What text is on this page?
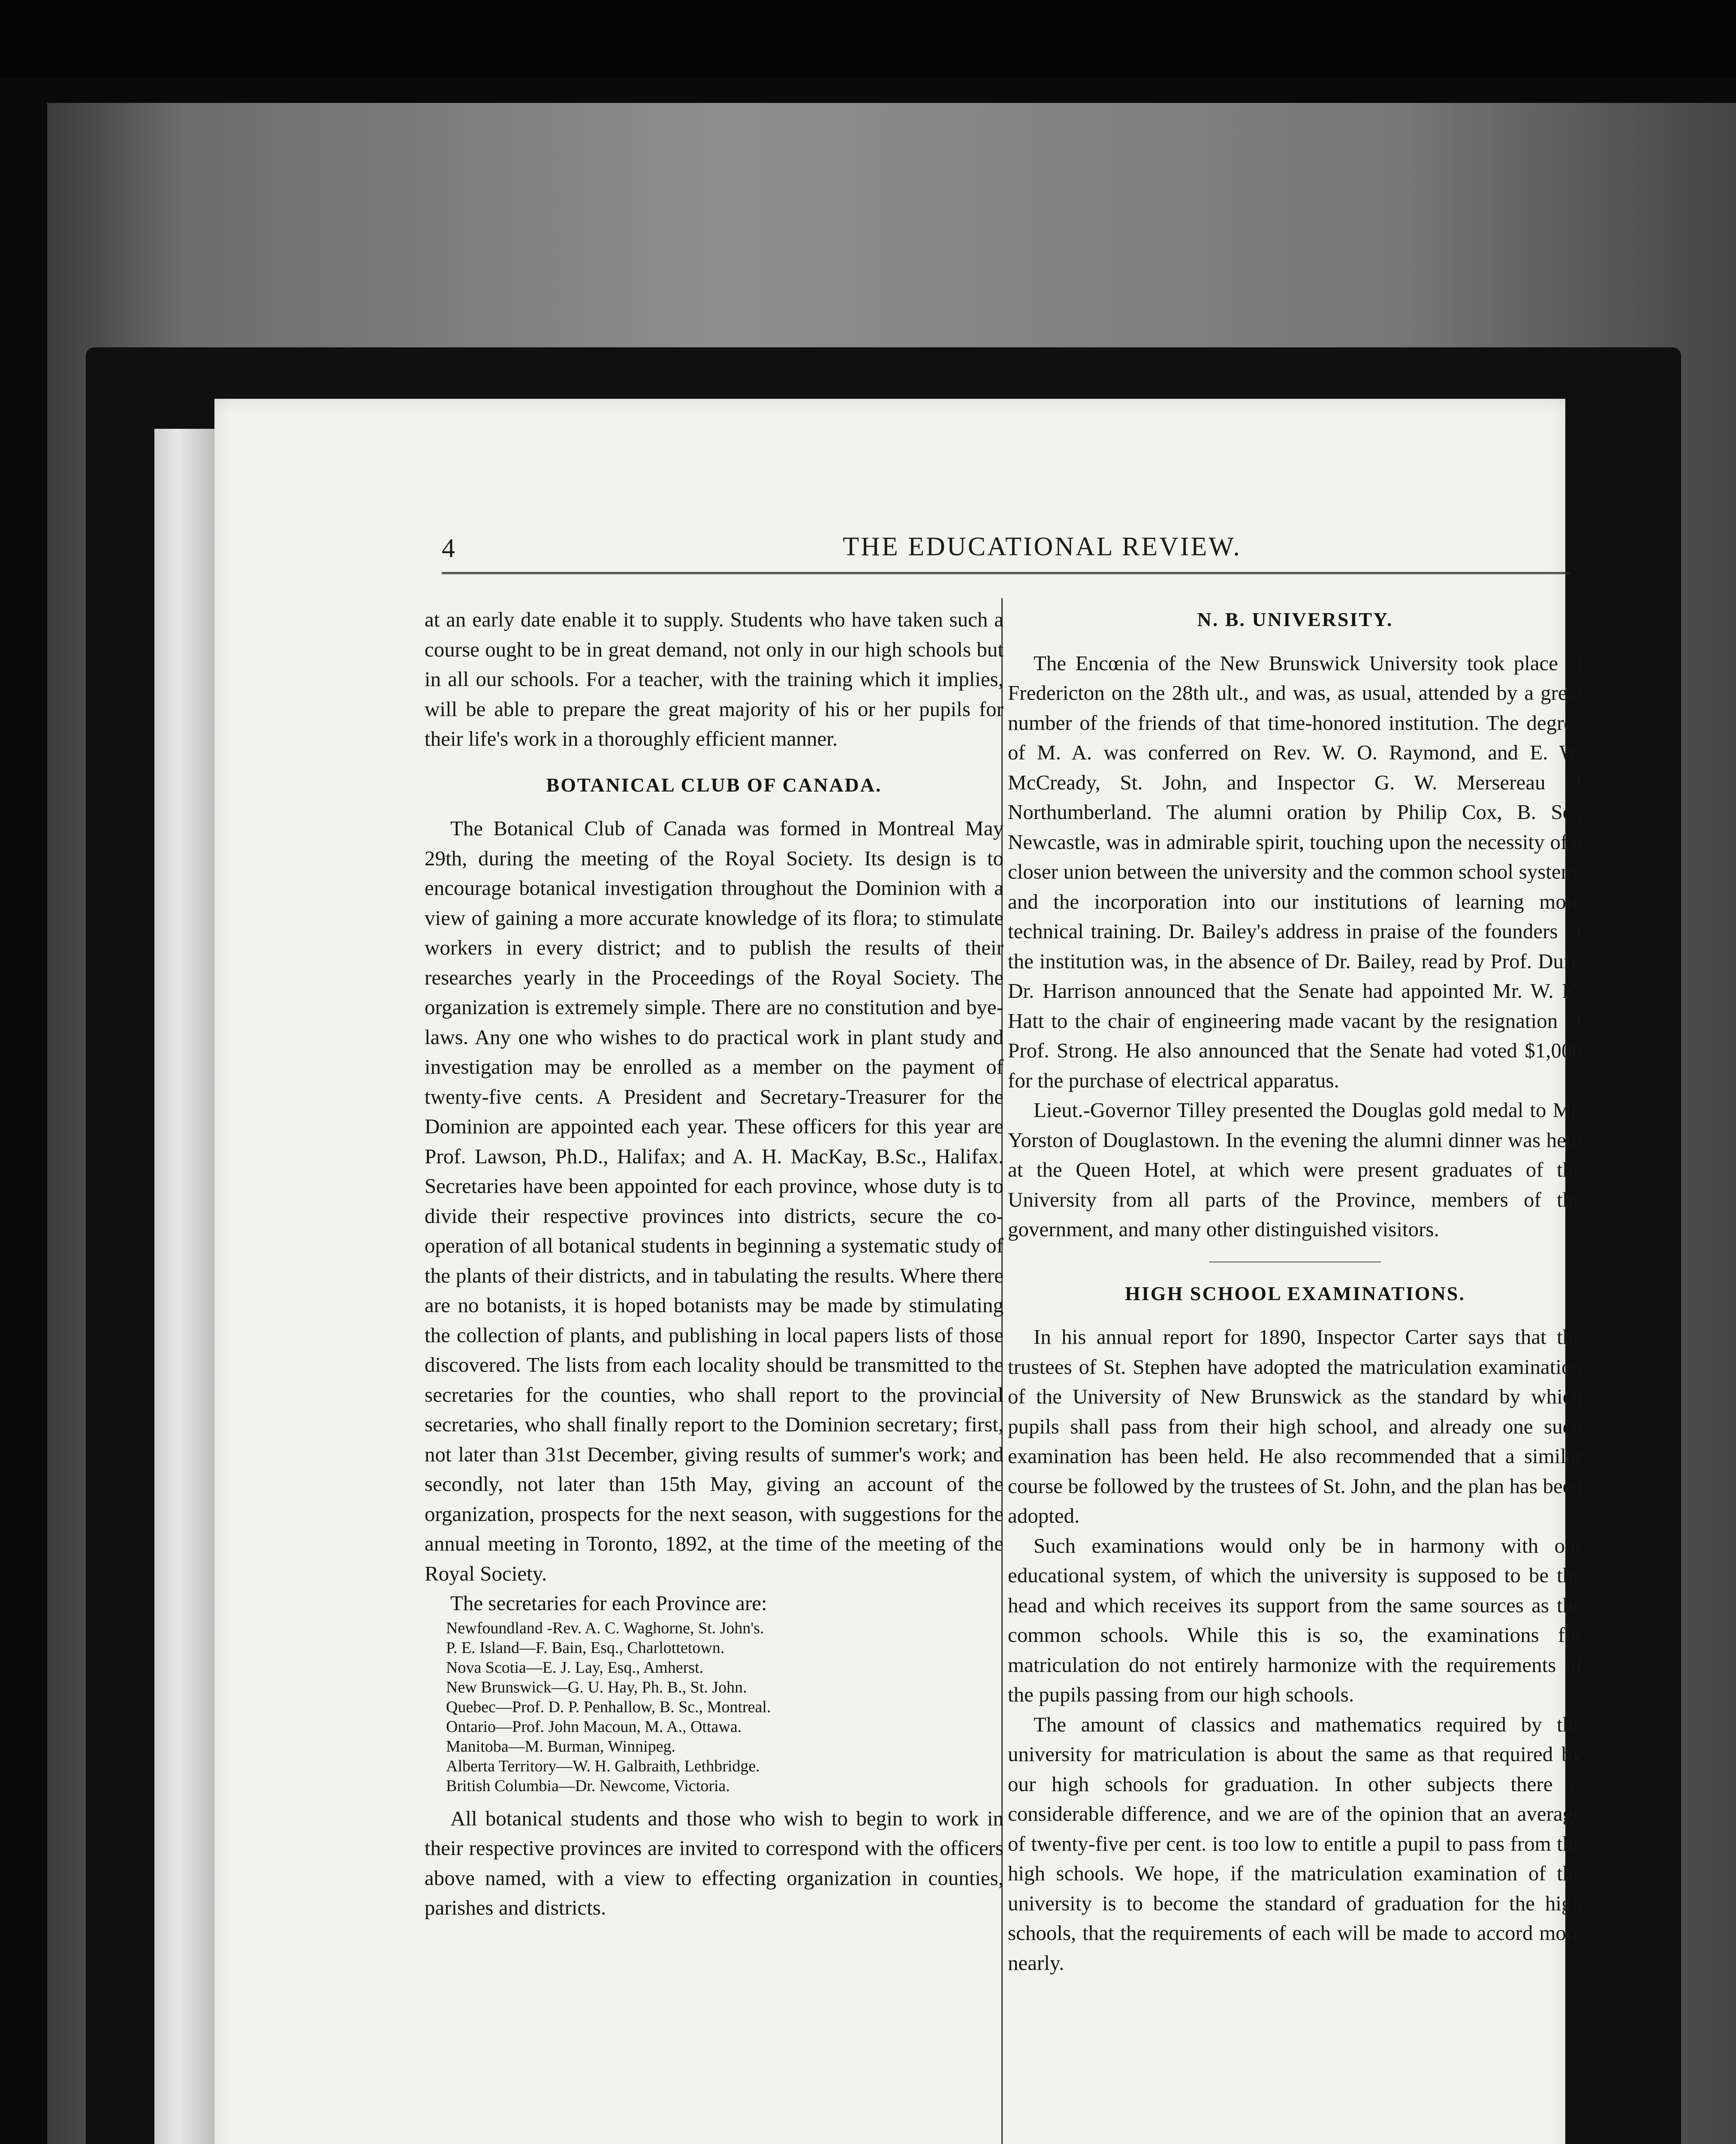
4	THE EDUCATIONAL REVIEW.

at an early date enable it to supply. Students who have taken such a course ought to be in great demand, not only in our high schools but in all our schools. For a teacher, with the training which it implies, will be able to prepare the great majority of his or her pupils for their life's work in a thoroughly efficient manner.

BOTANICAL CLUB OF CANADA.

The Botanical Club of Canada was formed in Montreal May 29th, during the meeting of the Royal Society. Its design is to encourage botanical investigation throughout the Dominion with a view of gaining a more accurate knowledge of its flora; to stimulate workers in every district; and to publish the results of their researches yearly in the Proceedings of the Royal Society. The organization is extremely simple. There are no constitution and bye-laws. Any one who wishes to do practical work in plant study and investigation may be enrolled as a member on the payment of twenty-five cents. A President and Secretary-Treasurer for the Dominion are appointed each year. These officers for this year are Prof. Lawson, Ph.D., Halifax; and A. H. MacKay, B.Sc., Halifax. Secretaries have been appointed for each province, whose duty is to divide their respective provinces into districts, secure the co-operation of all botanical students in beginning a systematic study of the plants of their districts, and in tabulating the results. Where there are no botanists, it is hoped botanists may be made by stimulating the collection of plants, and publishing in local papers lists of those discovered. The lists from each locality should be transmitted to the secretaries for the counties, who shall report to the provincial secretaries, who shall finally report to the Dominion secretary; first, not later than 31st December, giving results of summer's work; and secondly, not later than 15th May, giving an account of the organization, prospects for the next season, with suggestions for the annual meeting in Toronto, 1892, at the time of the meeting of the Royal Society.

The secretaries for each Province are:

Newfoundland -Rev. A. C. Waghorne, St. John's.
P. E. Island—F. Bain, Esq., Charlottetown.
Nova Scotia—E. J. Lay, Esq., Amherst.
New Brunswick—G. U. Hay, Ph. B., St. John.
Quebec—Prof. D. P. Penhallow, B. Sc., Montreal.
Ontario—Prof. John Macoun, M. A., Ottawa.
Manitoba—M. Burman, Winnipeg.
Alberta Territory—W. H. Galbraith, Lethbridge.
British Columbia—Dr. Newcome, Victoria.

All botanical students and those who wish to begin to work in their respective provinces are invited to correspond with the officers above named, with a view to effecting organization in counties, parishes and districts.

N. B. UNIVERSITY.

The Encœnia of the New Brunswick University took place at Fredericton on the 28th ult., and was, as usual, attended by a great number of the friends of that time-honored institution. The degree of M. A. was conferred on Rev. W. O. Raymond, and E. W. McCready, St. John, and Inspector G. W. Mersereau of Northumberland. The alumni oration by Philip Cox, B. Sc., Newcastle, was in admirable spirit, touching upon the necessity of a closer union between the university and the common school system, and the incorporation into our institutions of learning more technical training. Dr. Bailey's address in praise of the founders of the institution was, in the absence of Dr. Bailey, read by Prof. Duff. Dr. Harrison announced that the Senate had appointed Mr. W. K. Hatt to the chair of engineering made vacant by the resignation of Prof. Strong. He also announced that the Senate had voted $1,000 for the purchase of electrical apparatus.

Lieut.-Governor Tilley presented the Douglas gold medal to Mr. Yorston of Douglastown. In the evening the alumni dinner was held at the Queen Hotel, at which were present graduates of the University from all parts of the Province, members of the government, and many other distinguished visitors.

HIGH SCHOOL EXAMINATIONS.

In his annual report for 1890, Inspector Carter says that the trustees of St. Stephen have adopted the matriculation examination of the University of New Brunswick as the standard by which pupils shall pass from their high school, and already one such examination has been held. He also recommended that a similar course be followed by the trustees of St. John, and the plan has been adopted.

Such examinations would only be in harmony with our educational system, of which the university is supposed to be the head and which receives its support from the same sources as the common schools. While this is so, the examinations for matriculation do not entirely harmonize with the requirements of the pupils passing from our high schools.

The amount of classics and mathematics required by the university for matriculation is about the same as that required by our high schools for graduation. In other subjects there is considerable difference, and we are of the opinion that an average of twenty-five per cent. is too low to entitle a pupil to pass from the high schools. We hope, if the matriculation examination of the university is to become the standard of graduation for the high schools, that the requirements of each will be made to accord more nearly.
